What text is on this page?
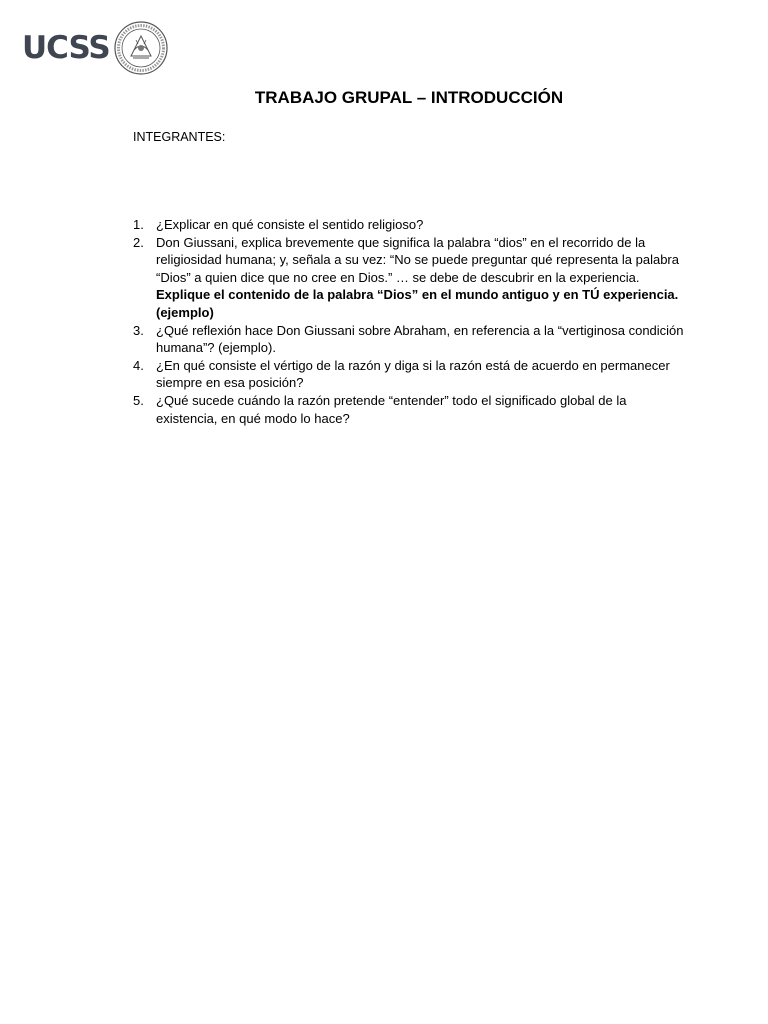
UCSS
TRABAJO GRUPAL – INTRODUCCIÓN
INTEGRANTES:
1. ¿Explicar en qué consiste el sentido religioso?
2. Don Giussani, explica brevemente que significa la palabra “dios” en el recorrido de la religiosidad humana; y, señala a su vez: “No se puede preguntar qué representa la palabra “Dios” a quien dice que no cree en Dios.” … se debe de descubrir en la experiencia.
Explique el contenido de la palabra “Dios” en el mundo antiguo y en TÚ experiencia. (ejemplo)
3. ¿Qué reflexión hace Don Giussani sobre Abraham, en referencia a la “vertiginosa condición humana”? (ejemplo).
4. ¿En qué consiste el vértigo de la razón y diga si la razón está de acuerdo en permanecer siempre en esa posición?
5. ¿Qué sucede cuándo la razón pretende “entender” todo el significado global de la existencia, en qué modo lo hace?
